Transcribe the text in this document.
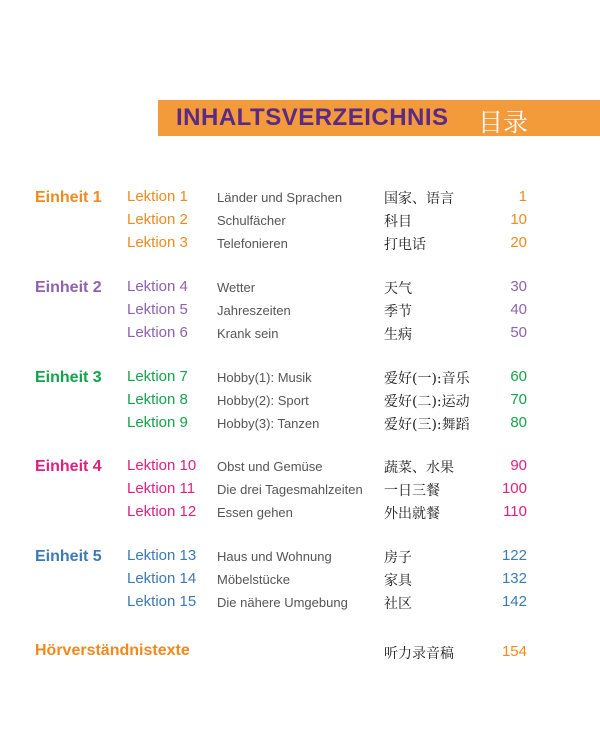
INHALTSVERZEICHNIS 目录
Einheit 1 Lektion 1 Länder und Sprachen	国家、语言	1
Lektion 2 Schulfächer	科目	10
Lektion 3 Telefonieren	打电话	20
Einheit 2 Lektion 4 Wetter	天气	30
Lektion 5 Jahreszeiten	季节	40
Lektion 6 Krank sein	生病	50
Einheit 3 Lektion 7 Hobby(1): Musik	爱好(一):音乐	60
Lektion 8 Hobby(2): Sport	爱好(二):运动	70
Lektion 9 Hobby(3): Tanzen	爱好(三):舞蹈	80
Einheit 4 Lektion 10 Obst und Gemüse	蔬菜、水果	90
Lektion 11 Die drei Tagesmahlzeiten 一日三餐	100
Lektion 12 Essen gehen	外出就餐	110
Einheit 5 Lektion 13 Haus und Wohnung	房子	122
Lektion 14 Möbelstücke	家具	132
Lektion 15 Die nähere Umgebung	社区	142
Hörverständnistexte	听力录音稿	154
